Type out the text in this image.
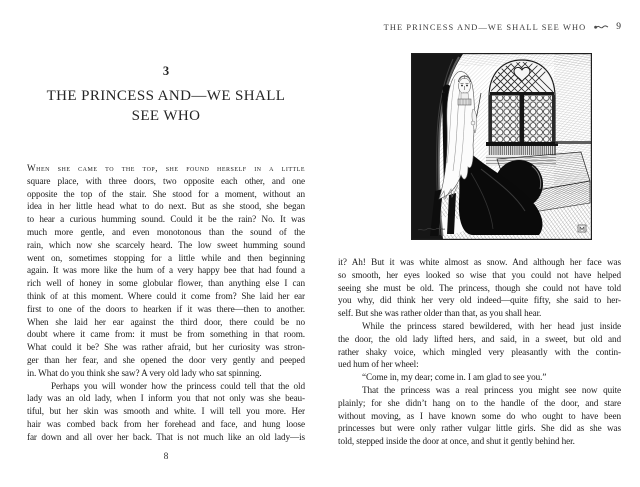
3
THE PRINCESS AND—WE SHALL
SEE WHO
When she came to the top, she found herself in a little
square place, with three doors, two opposite each other, and one
opposite the top of the stair. She stood for a moment, without an
idea in her little head what to do next. But as she stood, she began
to hear a curious humming sound. Could it be the rain? No. It was
much more gentle, and even monotonous than the sound of the
rain, which now she scarcely heard. The low sweet humming sound
went on, sometimes stopping for a little while and then beginning
again. It was more like the hum of a very happy bee that had found a
rich well of honey in some globular flower, than anything else I can
think of at this moment. Where could it come from? She laid her ear
first to one of the doors to hearken if it was there—then to another.
When she laid her ear against the third door, there could be no
doubt where it came from: it must be from something in that room.
What could it be? She was rather afraid, but her curiosity was stron-
ger than her fear, and she opened the door very gently and peeped
in. What do you think she saw? A very old lady who sat spinning.
Perhaps you will wonder how the princess could tell that the old
lady was an old lady, when I inform you that not only was she beau-
tiful, but her skin was smooth and white. I will tell you more. Her
hair was combed back from her forehead and face, and hung loose
far down and all over her back. That is not much like an old lady—is
8
THE PRINCESS AND—WE SHALL SEE WHO	9
it? Ah! But it was white almost as snow. And although her face was
so smooth, her eyes looked so wise that you could not have helped
seeing she must be old. The princess, though she could not have told
you why, did think her very old indeed—quite fifty, she said to her-
self. But she was rather older than that, as you shall hear.
While the princess stared bewildered, with her head just inside
the door, the old lady lifted hers, and said, in a sweet, but old and
rather shaky voice, which mingled very pleasantly with the contin-
ued hum of her wheel:
“Come in, my dear; come in. I am glad to see you.”
That the princess was a real princess you might see now quite
plainly; for she didn’t hang on to the handle of the door, and stare
without moving, as I have known some do who ought to have been
princesses but were only rather vulgar little girls. She did as she was
told, stepped inside the door at once, and shut it gently behind her.
